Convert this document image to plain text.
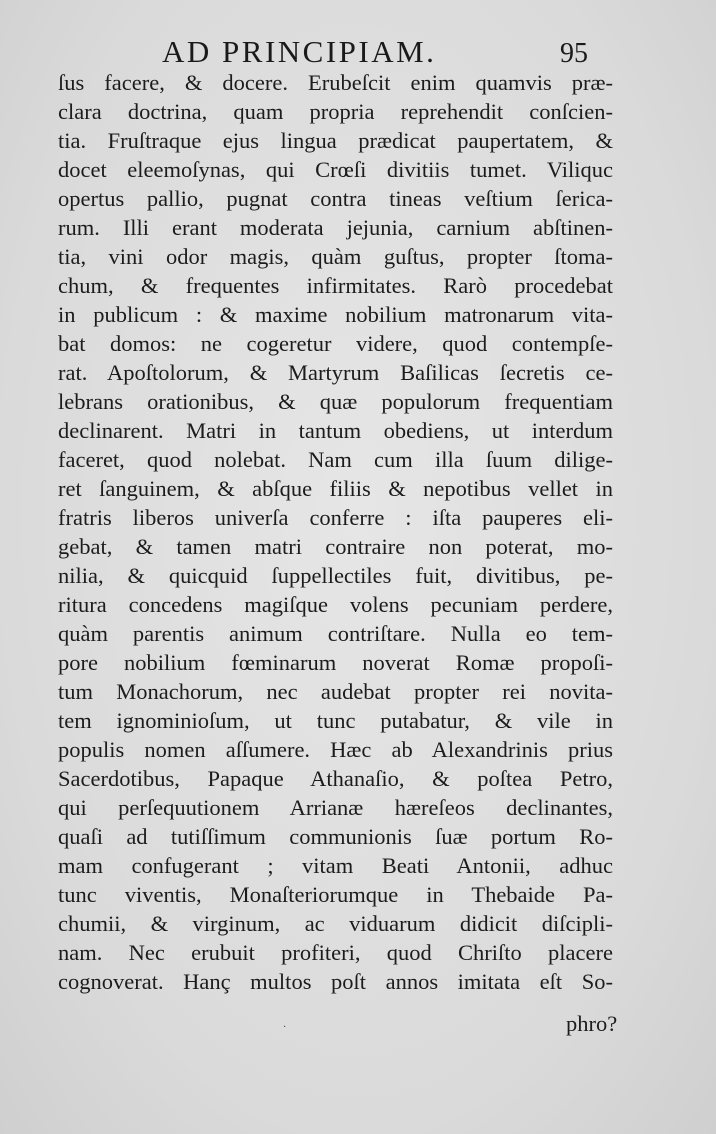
AD PRINCIPIAM.	95
ſus facere, & docere. Erubeſcit enim quamvis præ-
clara doctrina, quam propria reprehendit conſcien-
tia. Fruſtraque ejus lingua prædicat paupertatem, &
docet eleemoſynas, qui Crœſi divitiis tumet. Viliquc
opertus pallio, pugnat contra tineas veſtium ſerica-
rum. Illi erant moderata jejunia, carnium abſtinen-
tia, vini odor magis, quàm guſtus, propter ſtoma-
chum, & frequentes infirmitates. Rarò procedebat
in publicum : & maxime nobilium matronarum vita-
bat domos: ne cogeretur videre, quod contempſe-
rat. Apoſtolorum, & Martyrum Baſilicas ſecretis ce-
lebrans orationibus, & quæ populorum frequentiam
declinarent. Matri in tantum obediens, ut interdum
faceret, quod nolebat. Nam cum illa ſuum dilige-
ret ſanguinem, & abſque filiis & nepotibus vellet in
fratris liberos univerſa conferre : iſta pauperes eli-
gebat, & tamen matri contraire non poterat, mo-
nilia, & quicquid ſuppellectiles fuit, divitibus, pe-
ritura concedens magiſque volens pecuniam perdere,
quàm parentis animum contriſtare. Nulla eo tem-
pore nobilium fœminarum noverat Romæ propoſi-
tum Monachorum, nec audebat propter rei novita-
tem ignominioſum, ut tunc putabatur, & vile in
populis nomen aſſumere. Hæc ab Alexandrinis prius
Sacerdotibus, Papaque Athanaſio, & poſtea Petro,
qui perſequutionem Arrianæ hæreſeos declinantes,
quaſi ad tutiſſimum communionis ſuæ portum Ro-
mam confugerant ; vitam Beati Antonii, adhuc
tunc viventis, Monaſteriorumque in Thebaide Pa-
chumii, & virginum, ac viduarum didicit diſcipli-
nam. Nec erubuit profiteri, quod Chriſto placere
cognoverat. Hanç multos poſt annos imitata eſt So-
·	phro?
